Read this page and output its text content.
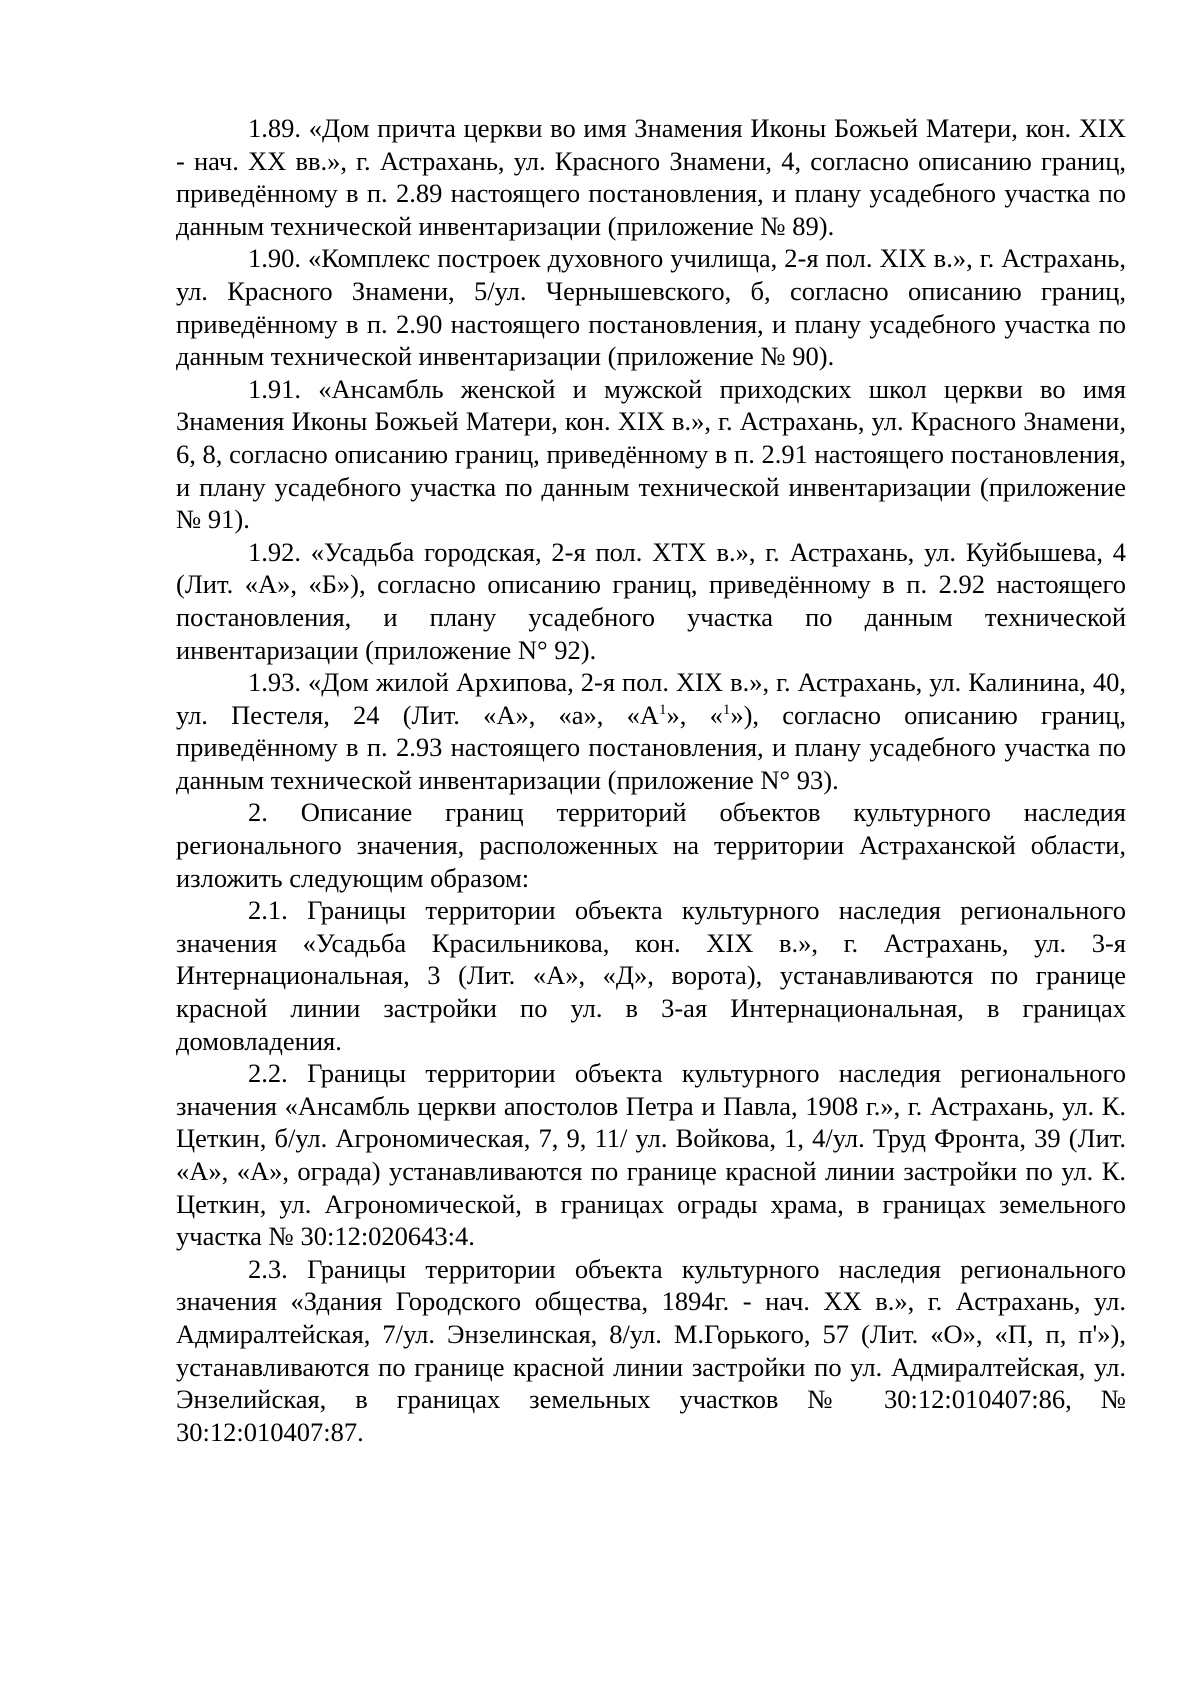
1.89. «Дом причта церкви во имя Знамения Иконы Божьей Матери, кон. XIX - нач. XX вв.», г. Астрахань, ул. Красного Знамени, 4, согласно описанию границ, приведённому в п. 2.89 настоящего постановления, и плану усадебного участка по данным технической инвентаризации (приложение № 89).

1.90. «Комплекс построек духовного училища, 2-я пол. XIX в.», г. Астрахань, ул. Красного Знамени, 5/ул. Чернышевского, б, согласно описанию границ, приведённому в п. 2.90 настоящего постановления, и плану усадебного участка по данным технической инвентаризации (приложение № 90).

1.91. «Ансамбль женской и мужской приходских школ церкви во имя Знамения Иконы Божьей Матери, кон. XIX в.», г. Астрахань, ул. Красного Знамени, 6, 8, согласно описанию границ, приведённому в п. 2.91 настоящего постановления, и плану усадебного участка по данным технической инвентаризации (приложение № 91).

1.92. «Усадьба городская, 2-я пол. XTX в.», г. Астрахань, ул. Куйбышева, 4 (Лит. «А», «Б»), согласно описанию границ, приведённому в п. 2.92 настоящего постановления, и плану усадебного участка по данным технической инвентаризации (приложение N° 92).

1.93. «Дом жилой Архипова, 2-я пол. XIX в.», г. Астрахань, ул. Калинина, 40, ул. Пестеля, 24 (Лит. «А», «а», «$А^1$», «$^1$»), согласно описанию границ, приведённому в п. 2.93 настоящего постановления, и плану усадебного участка по данным технической инвентаризации (приложение N° 93).

2. Описание границ территорий объектов культурного наследия регионального значения, расположенных на территории Астраханской области, изложить следующим образом:

2.1. Границы территории объекта культурного наследия регионального значения «Усадьба Красильникова, кон. XIX в.», г. Астрахань, ул. 3-я Интернациональная, 3 (Лит. «А», «Д», ворота), устанавливаются по границе красной линии застройки по ул. в 3-ая Интернациональная, в границах домовладения.

2.2. Границы территории объекта культурного наследия регионального значения «Ансамбль церкви апостолов Петра и Павла, 1908 г.», г. Астрахань, ул. К. Цеткин, б/ул. Агрономическая, 7, 9, 11/ ул. Войкова, 1, 4/ул. Труд Фронта, 39 (Лит. «А», «А», ограда) устанавливаются по границе красной линии застройки по ул. К. Цеткин, ул. Агрономической, в границах ограды храма, в границах земельного участка № 30:12:020643:4.

2.3. Границы территории объекта культурного наследия регионального значения «Здания Городского общества, 1894г. - нач. XX в.», г. Астрахань, ул. Адмиралтейская, 7/ул. Энзелинская, 8/ул. М.Горького, 57 (Лит. «О», «П, п, п'»), устанавливаются по границе красной линии застройки по ул. Адмиралтейская, ул. Энзелийская, в границах земельных участков № 30:12:010407:86, № 30:12:010407:87.
